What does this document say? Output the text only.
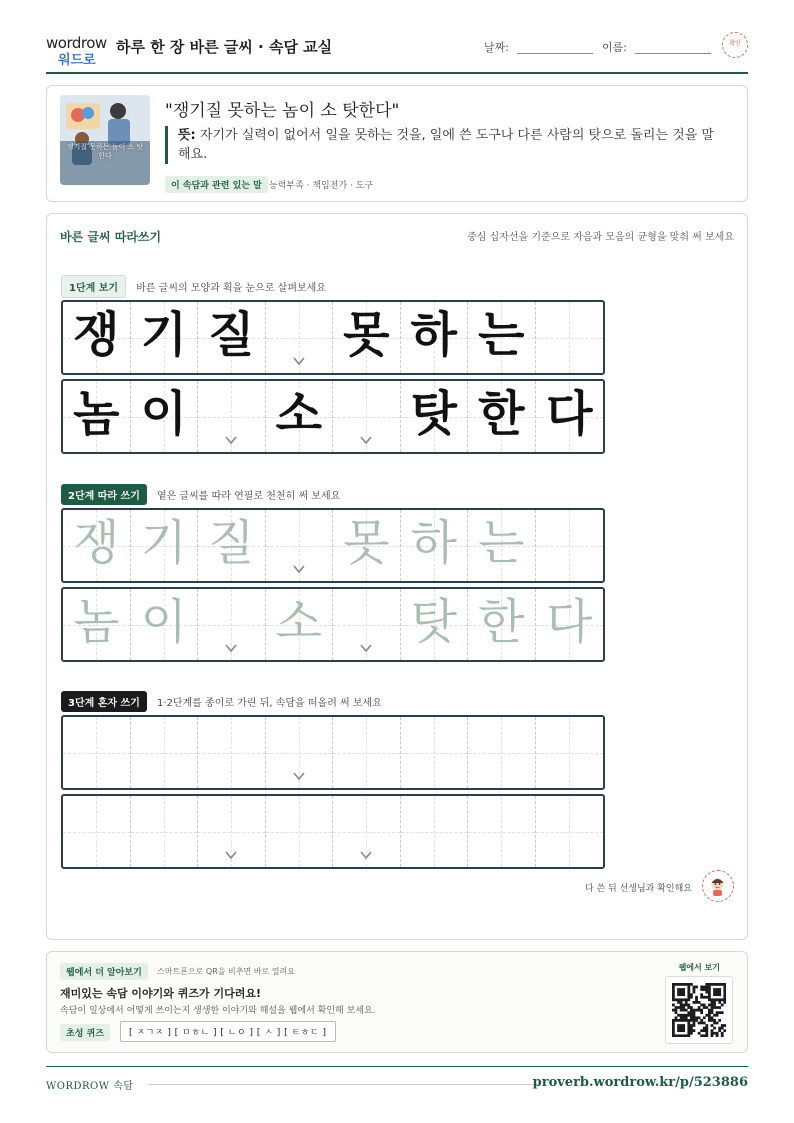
wordrow
워드로
하루 한 장 바른 글씨 · 속담 교실	날짜:	이름:	확인
쟁기질 못하는 놈이 소 탓한다
"쟁기질 못하는 놈이 소 탓한다"
뜻: 자기가 실력이 없어서 일을 못하는 것을, 일에 쓴 도구나 다른 사람의 탓으로 돌리는 것을 말해요.
이 속담과 관련 있는 말 능력부족 · 책임전가 · 도구
바른 글씨 따라쓰기	중심 십자선을 기준으로 자음과 모음의 균형을 맞춰 써 보세요
1단계 보기 바른 글씨의 모양과 획을 눈으로 살펴보세요
쟁 기 질 못 하 는
놈 이 소 탓 한 다
2단계 따라 쓰기 옅은 글씨를 따라 연필로 천천히 써 보세요
쟁 기 질 못 하 는
놈 이 소 탓 한 다
3단계 혼자 쓰기 1·2단계를 종이로 가린 뒤, 속담을 떠올려 써 보세요
다 쓴 뒤 선생님과 확인해요
웹에서 더 알아보기	스마트폰으로 QR을 비추면 바로 열려요
재미있는 속담 이야기와 퀴즈가 기다려요!
속담이 일상에서 어떻게 쓰이는지 생생한 이야기와 해설을 웹에서 확인해 보세요.
초성 퀴즈	[ ㅈㄱㅈ ] [ ㅁㅎㄴ ] [ ㄴㅇ ] [ ㅅ ] [ ㅌㅎㄷ ]
웹에서 보기
WORDROW 속담	proverb.wordrow.kr/p/523886
